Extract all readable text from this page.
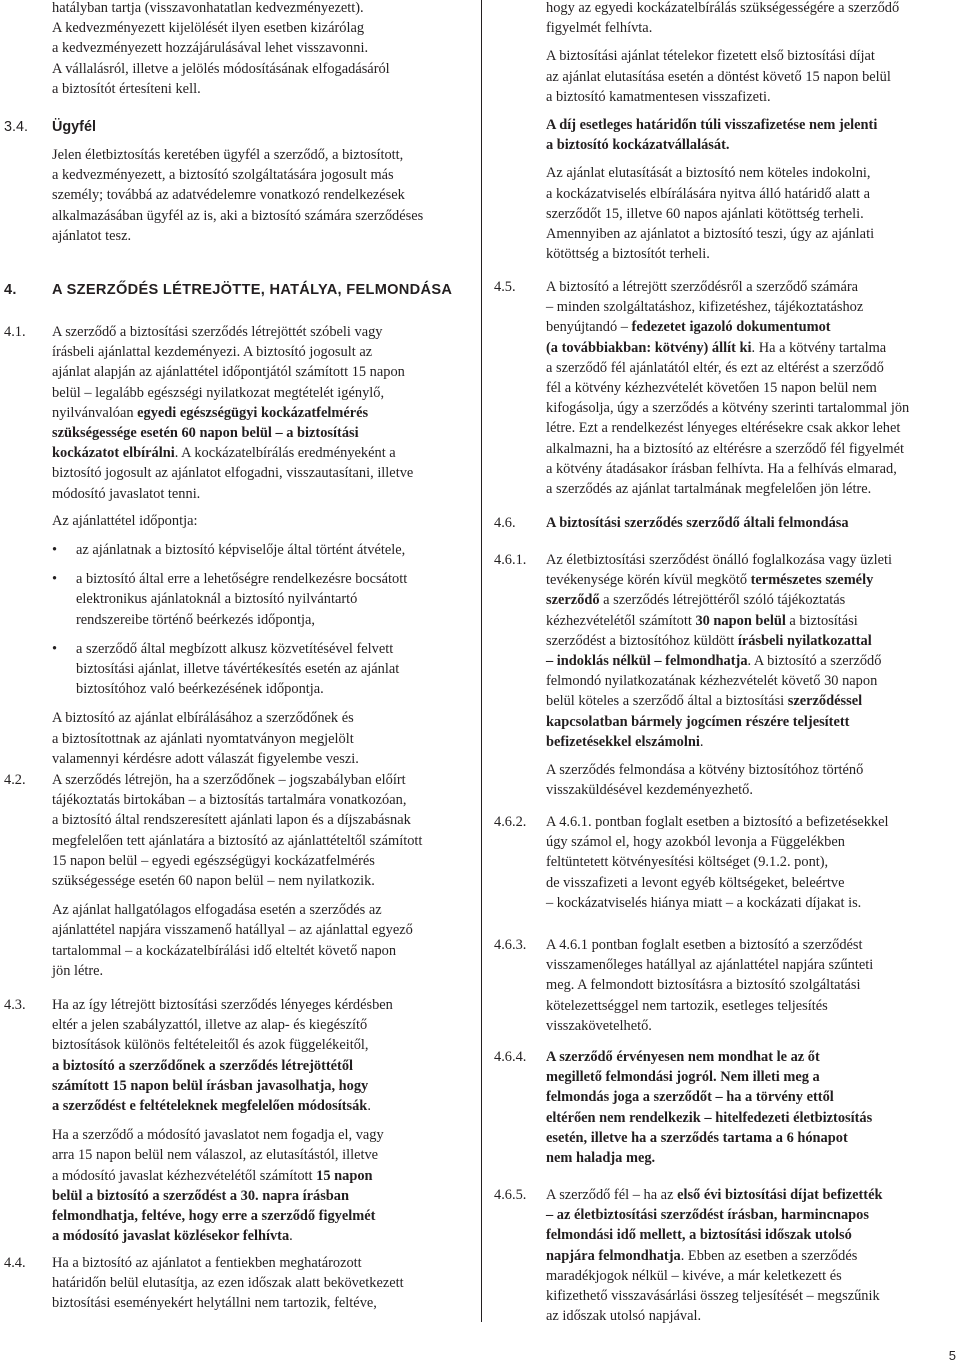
hatályban tartja (visszavonhatatlan kedvezményezett).

A kedvezményezett kijelölését ilyen esetben kizárólag

a kedvezményezett hozzájárulásával lehet visszavonni.

A vállalásról, illetve a jelölés módosításának elfogadásáról

a biztosítót értesíteni kell.

3.4. Ügyfél

Jelen életbiztosítás keretében ügyfél a szerződő, a biztosított,

a kedvezményezett, a biztosító szolgáltatására jogosult más

személy; továbbá az adatvédelemre vonatkozó rendelkezések

alkalmazásában ügyfél az is, aki a biztosító számára szerződéses

ajánlatot tesz.

4. A SZERZŐDÉS LÉTREJÖTTE, HATÁLYA, FELMONDÁSA
4.1. A szerződő a biztosítási szerződés létrejöttét szóbeli vagy

írásbeli ajánlattal kezdeményezi. A biztosító jogosult az

ajánlat alapján az ajánlattétel időpontjától számított 15 napon

belül – legalább egészségi nyilatkozat megtételét igénylő,

nyilvánvalóan egyedi egészségügyi kockázatfelmérés

szükségessége esetén 60 napon belül – a biztosítási

kockázatot elbírálni. A kockázatelbírálás eredményeként a

biztosító jogosult az ajánlatot elfogadni, visszautasítani, illetve

módosító javaslatot tenni.

Az ajánlattétel időpontja:

• az ajánlatnak a biztosító képviselője által történt átvétele,

• a biztosító által erre a lehetőségre rendelkezésre bocsátott

elektronikus ajánlatoknál a biztosító nyilvántartó

rendszereibe történő beérkezés időpontja,

• a szerződő által megbízott alkusz közvetítésével felvett

biztosítási ajánlat, illetve távértékesítés esetén az ajánlat

biztosítóhoz való beérkezésének időpontja.

A biztosító az ajánlat elbírálásához a szerződőnek és

a biztosítottnak az ajánlati nyomtatványon megjelölt

valamennyi kérdésre adott válaszát figyelembe veszi.

4.2. A szerződés létrejön, ha a szerződőnek – jogszabályban előírt

tájékoztatás birtokában – a biztosítás tartalmára vonatkozóan,

a biztosító által rendszeresített ajánlati lapon és a díjszabásnak

megfelelően tett ajánlatára a biztosító az ajánlattételtől számított

15 napon belül – egyedi egészségügyi kockázatfelmérés

szükségessége esetén 60 napon belül – nem nyilatkozik.

Az ajánlat hallgatólagos elfogadása esetén a szerződés az

ajánlattétel napjára visszamenő hatállyal – az ajánlattal egyező

tartalommal – a kockázatelbírálási idő elteltét követő napon

jön létre.

4.3. Ha az így létrejött biztosítási szerződés lényeges kérdésben

eltér a jelen szabályzattól, illetve az alap- és kiegészítő

biztosítások különös feltételeitől és azok függelékeitől,

a biztosító a szerződőnek a szerződés létrejöttétől

számított 15 napon belül írásban javasolhatja, hogy

a szerződést e feltételeknek megfelelően módosítsák.

Ha a szerződő a módosító javaslatot nem fogadja el, vagy

arra 15 napon belül nem válaszol, az elutasítástól, illetve

a módosító javaslat kézhezvételétől számított 15 napon

belül a biztosító a szerződést a 30. napra írásban

felmondhatja, feltéve, hogy erre a szerződő figyelmét

a módosító javaslat közlésekor felhívta.

4.4. Ha a biztosító az ajánlatot a fentiekben meghatározott

határidőn belül elutasítja, az ezen időszak alatt bekövetkezett

biztosítási eseményekért helytállni nem tartozik, feltéve,

hogy az egyedi kockázatelbírálás szükségességére a szerződő

figyelmét felhívta.

A biztosítási ajánlat tételekor fizetett első biztosítási díjat

az ajánlat elutasítása esetén a döntést követő 15 napon belül

a biztosító kamatmentesen visszafizeti.

A díj esetleges határidőn túli visszafizetése nem jelenti

a biztosító kockázatvállalását.

Az ajánlat elutasítását a biztosító nem köteles indokolni,

a kockázatviselés elbírálására nyitva álló határidő alatt a

szerződőt 15, illetve 60 napos ajánlati kötöttség terheli.

Amennyiben az ajánlatot a biztosító teszi, úgy az ajánlati

kötöttség a biztosítót terheli.

4.5. A biztosító a létrejött szerződésről a szerződő számára

– minden szolgáltatáshoz, kifizetéshez, tájékoztatáshoz

benyújtandó – fedezetet igazoló dokumentumot

(a továbbiakban: kötvény) állít ki. Ha a kötvény tartalma

a szerződő fél ajánlatától eltér, és ezt az eltérést a szerződő

fél a kötvény kézhezvételét követően 15 napon belül nem

kifogásolja, úgy a szerződés a kötvény szerinti tartalommal jön

létre. Ezt a rendelkezést lényeges eltérésekre csak akkor lehet

alkalmazni, ha a biztosító az eltérésre a szerződő fél figyelmét

a kötvény átadásakor írásban felhívta. Ha a felhívás elmarad,

a szerződés az ajánlat tartalmának megfelelően jön létre.

4.6. A biztosítási szerződés szerződő általi felmondása
4.6.1. Az életbiztosítási szerződést önálló foglalkozása vagy üzleti

tevékenysége körén kívül megkötő természetes személy

szerződő a szerződés létrejöttéről szóló tájékoztatás

kézhezvételétől számított 30 napon belül a biztosítási

szerződést a biztosítóhoz küldött írásbeli nyilatkozattal

– indoklás nélkül – felmondhatja. A biztosító a szerződő

felmondó nyilatkozatának kézhezvételét követő 30 napon

belül köteles a szerződő által a biztosítási szerződéssel

kapcsolatban bármely jogcímen részére teljesített

befizetésekkel elszámolni.

A szerződés felmondása a kötvény biztosítóhoz történő

visszaküldésével kezdeményezhető.

4.6.2. A 4.6.1. pontban foglalt esetben a biztosító a befizetésekkel

úgy számol el, hogy azokból levonja a Függelékben

feltüntetett kötvényesítési költséget (9.1.2. pont),

de visszafizeti a levont egyéb költségeket, beleértve

– kockázatviselés hiánya miatt – a kockázati díjakat is.

4.6.3. A 4.6.1 pontban foglalt esetben a biztosító a szerződést

visszamenőleges hatállyal az ajánlattétel napjára szűnteti

meg. A felmondott biztosításra a biztosító szolgáltatási

kötelezettséggel nem tartozik, esetleges teljesítés

visszakövetelhető.

4.6.4. A szerződő érvényesen nem mondhat le az őt

megillető felmondási jogról. Nem illeti meg a

felmondás joga a szerződőt – ha a törvény ettől

eltérően nem rendelkezik – hitelfedezeti életbiztosítás

esetén, illetve ha a szerződés tartama a 6 hónapot

nem haladja meg.

4.6.5. A szerződő fél – ha az első évi biztosítási díjat befizették

– az életbiztosítási szerződést írásban, harmincnapos

felmondási idő mellett, a biztosítási időszak utolsó

napjára felmondhatja. Ebben az esetben a szerződés

maradékjogok nélkül – kivéve, a már keletkezett és

kifizethető visszavásárlási összeg teljesítését – megszűnik

az időszak utolsó napjával.

5
